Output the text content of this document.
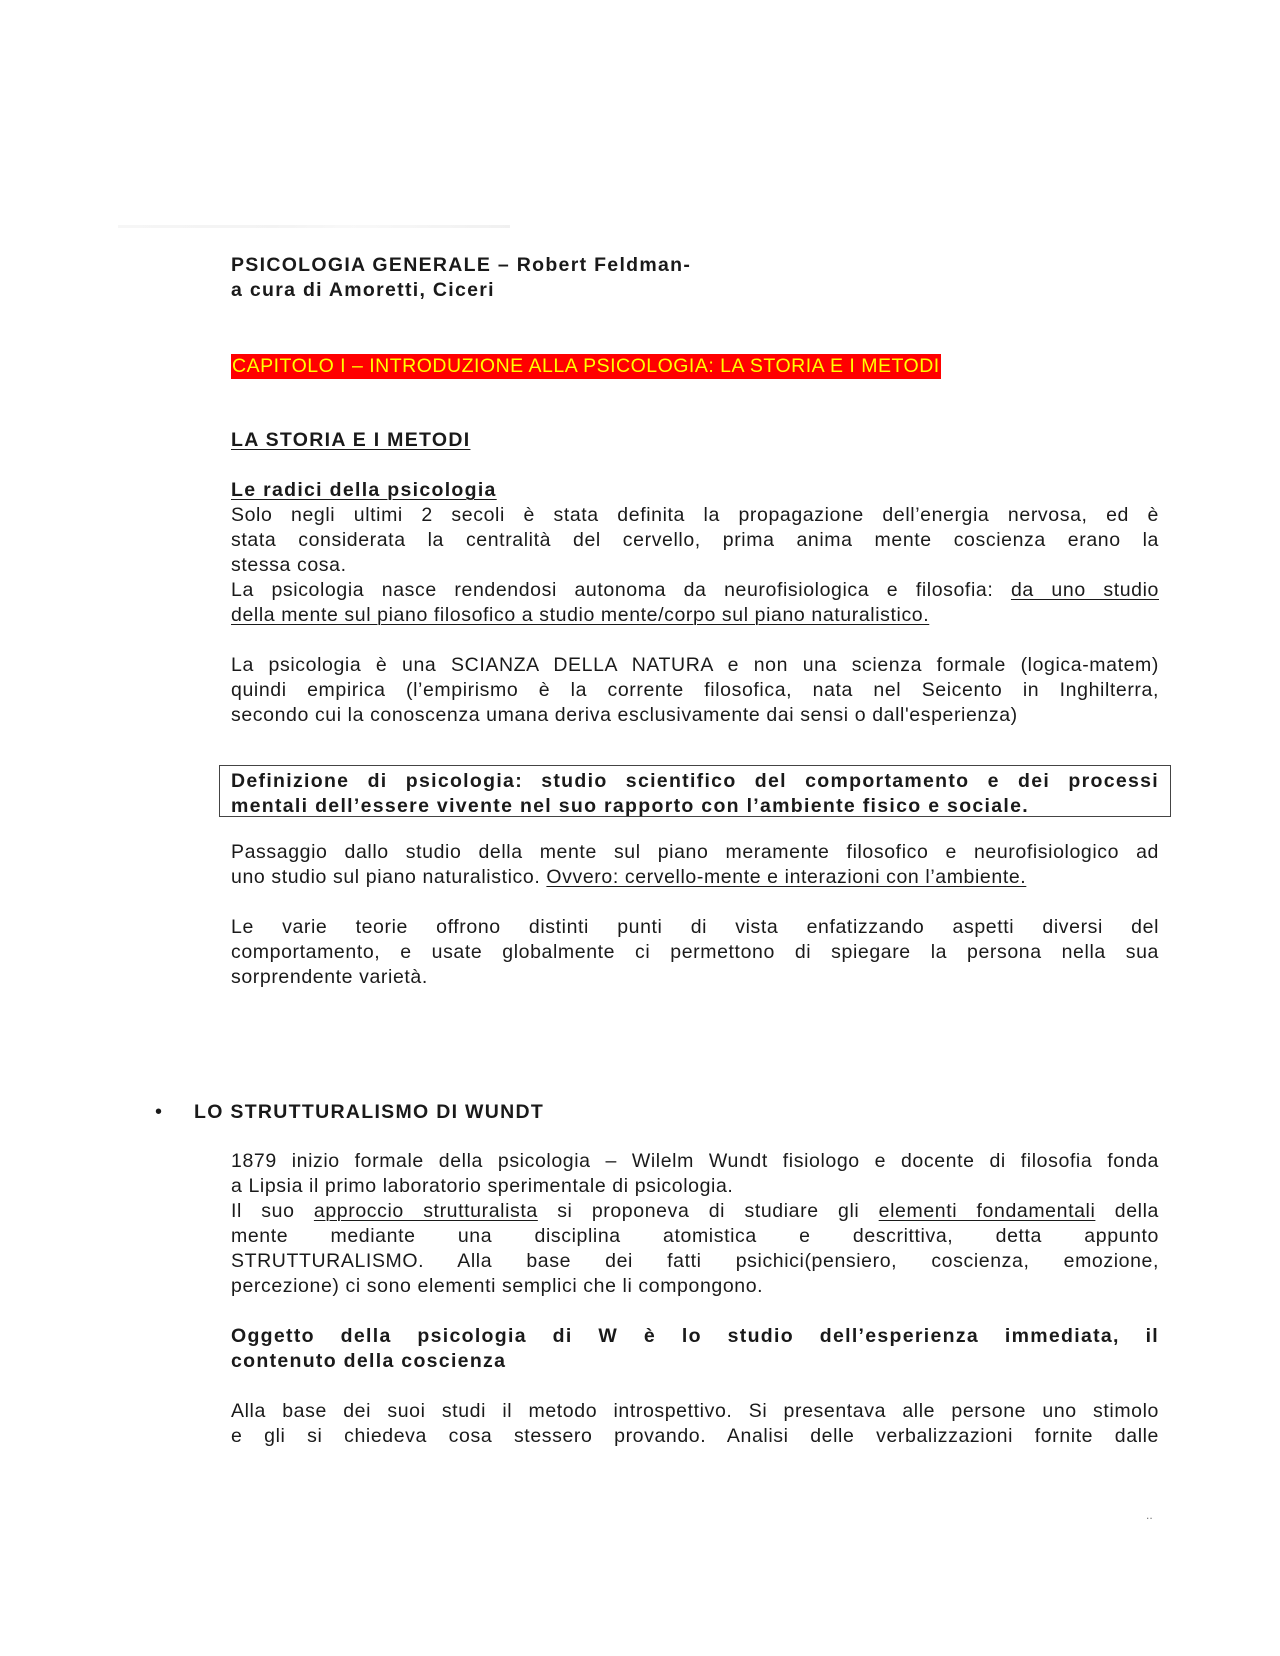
PSICOLOGIA GENERALE – Robert Feldman-
a cura di Amoretti, Ciceri
CAPITOLO I – INTRODUZIONE ALLA PSICOLOGIA: LA STORIA E I METODI
LA STORIA E I METODI
Le radici della psicologia
Solo negli ultimi 2 secoli è stata definita la propagazione dell’energia nervosa, ed è
stata considerata la centralità del cervello, prima anima mente coscienza erano la
stessa cosa.
La psicologia nasce rendendosi autonoma da neurofisiologica e filosofia: da uno studio
della mente sul piano filosofico a studio mente/corpo sul piano naturalistico.
La psicologia è una SCIANZA DELLA NATURA e non una scienza formale (logica-matem)
quindi empirica (l’empirismo è la corrente filosofica, nata nel Seicento in Inghilterra,
secondo cui la conoscenza umana deriva esclusivamente dai sensi o dall'esperienza)
Definizione di psicologia: studio scientifico del comportamento e dei processi
mentali dell’essere vivente nel suo rapporto con l’ambiente fisico e sociale.
Passaggio dallo studio della mente sul piano meramente filosofico e neurofisiologico ad
uno studio sul piano naturalistico. Ovvero: cervello-mente e interazioni con l’ambiente.
Le varie teorie offrono distinti punti di vista enfatizzando aspetti diversi del
comportamento, e usate globalmente ci permettono di spiegare la persona nella sua
sorprendente varietà.
• LO STRUTTURALISMO DI WUNDT
1879 inizio formale della psicologia – Wilelm Wundt fisiologo e docente di filosofia fonda
a Lipsia il primo laboratorio sperimentale di psicologia.
Il suo approccio strutturalista si proponeva di studiare gli elementi fondamentali della
mente mediante una disciplina atomistica e descrittiva, detta appunto
STRUTTURALISMO. Alla base dei fatti psichici(pensiero, coscienza, emozione,
percezione) ci sono elementi semplici che li compongono.
Oggetto della psicologia di W è lo studio dell’esperienza immediata, il
contenuto della coscienza
Alla base dei suoi studi il metodo introspettivo. Si presentava alle persone uno stimolo
e gli si chiedeva cosa stessero provando. Analisi delle verbalizzazioni fornite dalle
..
